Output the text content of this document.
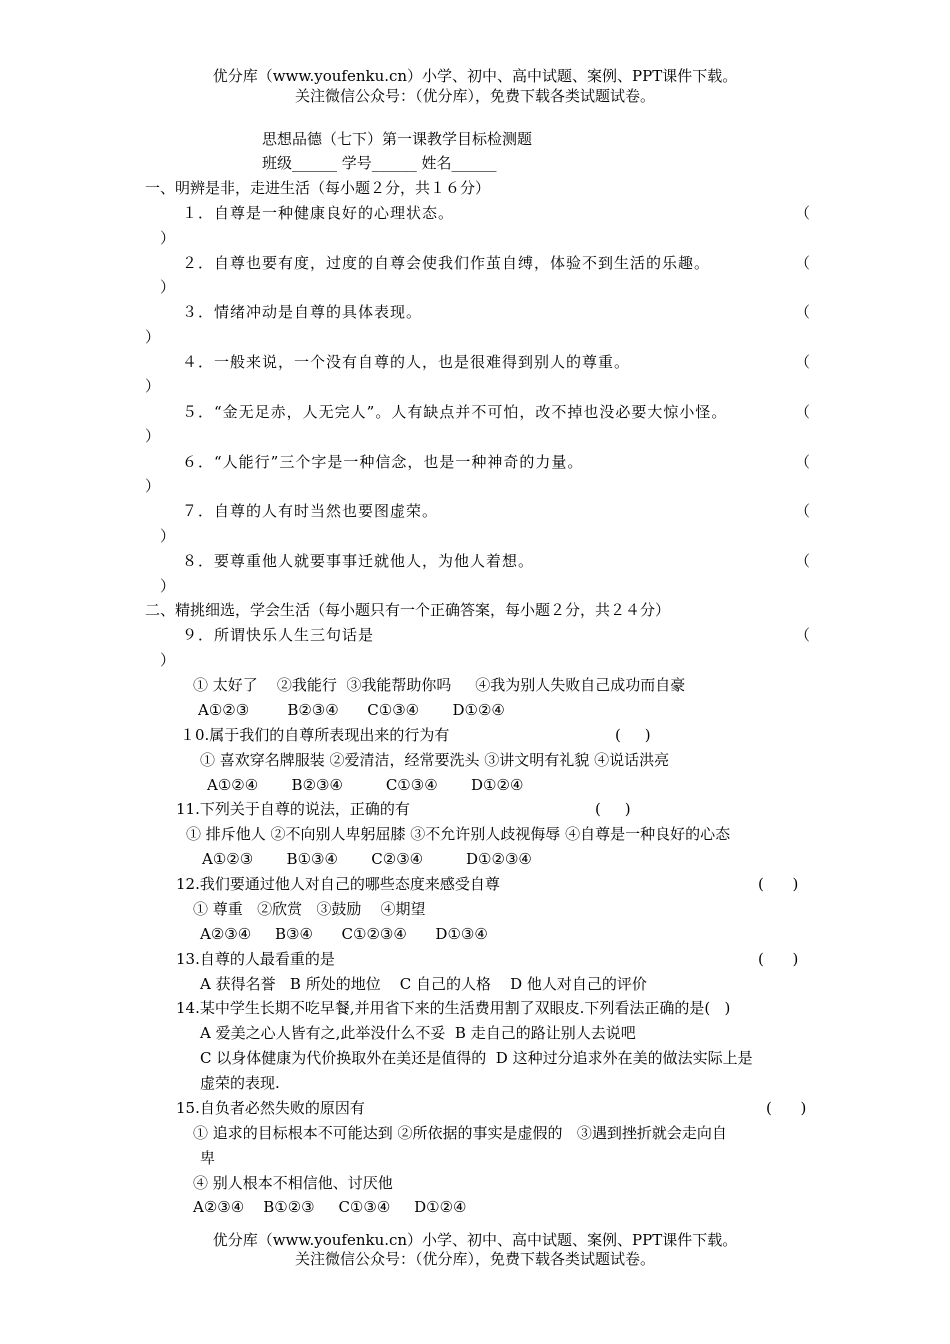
优分库（www.youfenku.cn）小学、初中、高中试题、案例、PPT课件下载。
关注微信公众号：（优分库），免费下载各类试题试卷。
思想品德（七下）第一课教学目标检测题
班级______ 学号______ 姓名______
一、明辨是非，走进生活（每小题２分，共１６分）
１．自尊是一种健康良好的心理状态。	（
）
２．自尊也要有度，过度的自尊会使我们作茧自缚，体验不到生活的乐趣。	（
）
３．情绪冲动是自尊的具体表现。	（
）
４．一般来说，一个没有自尊的人，也是很难得到别人的尊重。	（
）
５．“金无足赤，人无完人”。人有缺点并不可怕，改不掉也没必要大惊小怪。	（
）
６．“人能行”三个字是一种信念，也是一种神奇的力量。	（
）
７．自尊的人有时当然也要图虚荣。	（
）
８．要尊重他人就要事事迁就他人，为他人着想。	（
）
二、精挑细选，学会生活（每小题只有一个正确答案，每小题２分，共２４分）
９．所谓快乐人生三句话是	（
）
① 太好了    ②我能行  ③我能帮助你吗     ④我为别人失败自己成功而自豪
A①②③        B②③④      C①③④       D①②④
１0.属于我们的自尊所表现出来的行为有	(     )
① 喜欢穿名牌服装 ②爱清洁，经常要洗头 ③讲文明有礼貌 ④说话洪亮
A①②④       B②③④         C①③④       D①②④
11.下列关于自尊的说法，正确的有	(     )
① 排斥他人 ②不向别人卑躬屈膝 ③不允许别人歧视侮辱 ④自尊是一种良好的心态
A①②③       B①③④       C②③④         D①②③④
12.我们要通过他人对自己的哪些态度来感受自尊	(      )
① 尊重   ②欣赏   ③鼓励    ④期望
A②③④     B③④      C①②③④      D①③④
13.自尊的人最看重的是	(      )
A 获得名誉   B 所处的地位    C 自己的人格    D 他人对自己的评价
14.某中学生长期不吃早餐,并用省下来的生活费用割了双眼皮.下列看法正确的是(   )
A 爱美之心人皆有之,此举没什么不妥  B 走自己的路让别人去说吧
C 以身体健康为代价换取外在美还是值得的  D 这种过分追求外在美的做法实际上是
虚荣的表现.
15.自负者必然失败的原因有	(      )
① 追求的目标根本不可能达到 ②所依据的事实是虚假的   ③遇到挫折就会走向自
卑
④ 别人根本不相信他、讨厌他
A②③④    B①②③     C①③④     D①②④
优分库（www.youfenku.cn）小学、初中、高中试题、案例、PPT课件下载。
关注微信公众号：（优分库），免费下载各类试题试卷。
